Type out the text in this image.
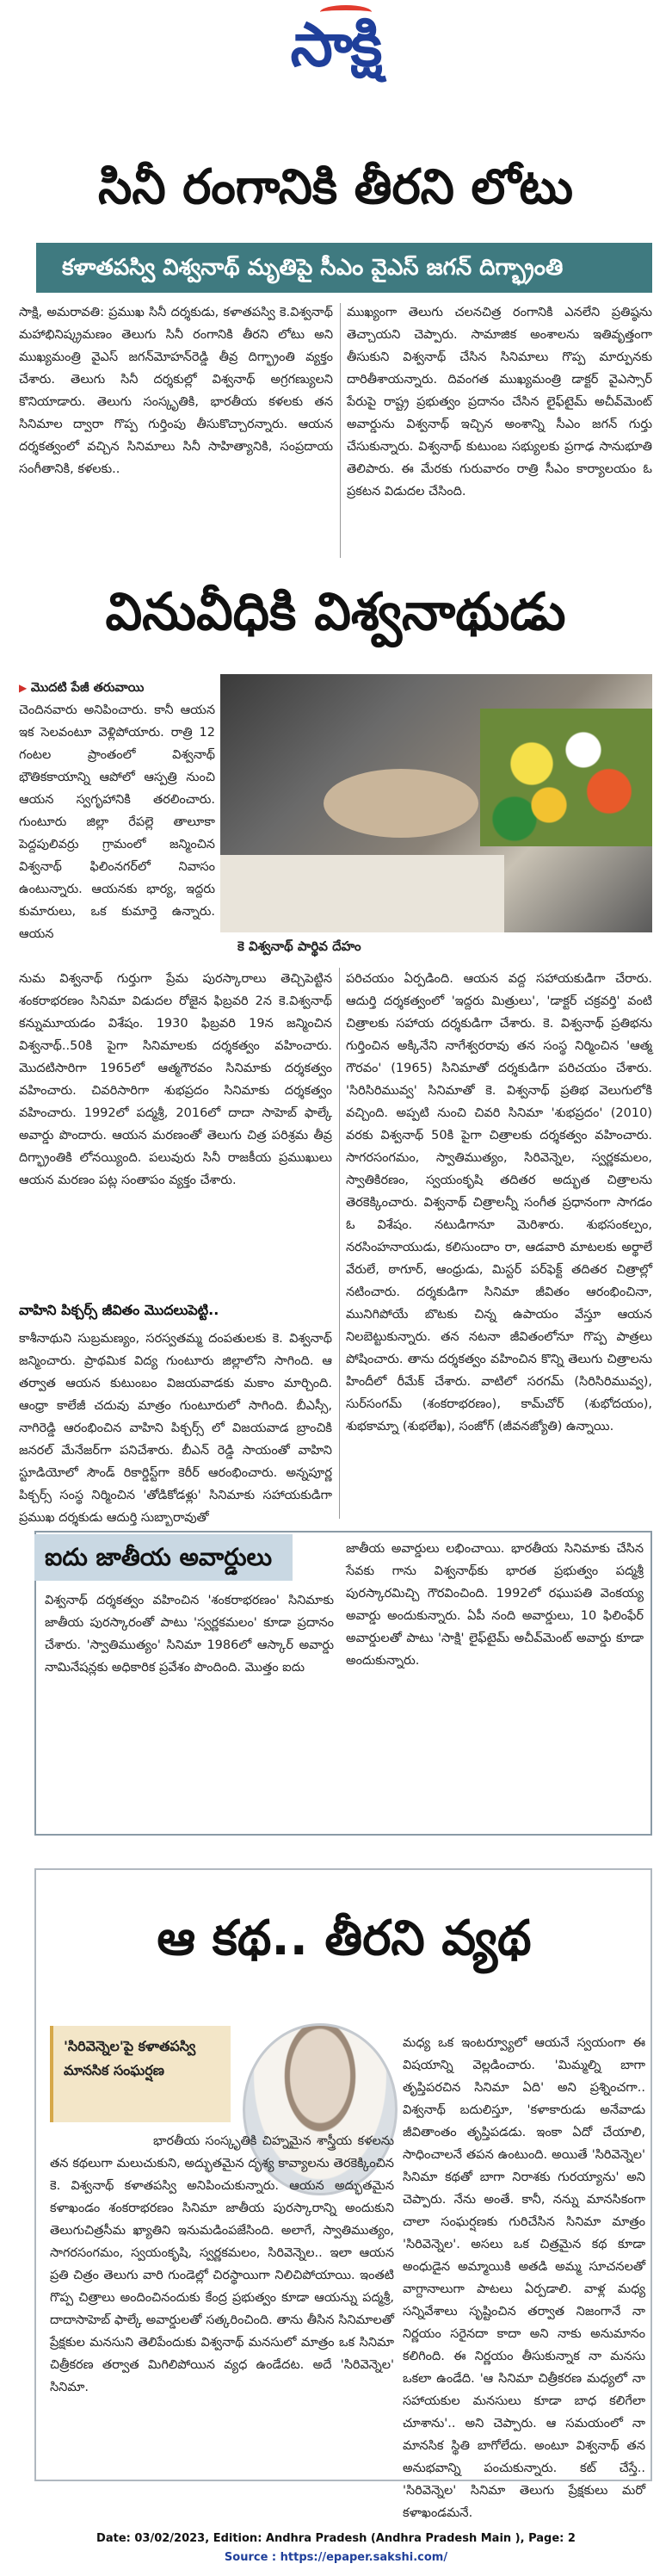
సాక్షి
సినీ రంగానికి తీరని లోటు
కళాతపస్వి విశ్వనాథ్ మృతిపై సీఎం వైఎస్ జగన్ దిగ్భ్రాంతి
సాక్షి, అమరావతి: ప్రముఖ సినీ దర్శకుడు, కళాతపస్వి కె.విశ్వనాథ్ మహాభినిష్క్రమణం తెలుగు సినీ రంగానికి తీరని లోటు అని ముఖ్యమంత్రి వైఎస్ జగన్‌మోహన్‌రెడ్డి తీవ్ర దిగ్భ్రాంతి వ్యక్తం చేశారు. తెలుగు సినీ దర్శకుల్లో విశ్వనాథ్ అగ్రగణ్యులని కొనియాడారు. తెలుగు సంస్కృతికి, భారతీయ కళలకు తన సినిమాల ద్వారా గొప్ప గుర్తింపు తీసుకొచ్చారన్నారు. ఆయన దర్శకత్వంలో వచ్చిన సినిమాలు సినీ సాహిత్యానికి, సంప్రదాయ సంగీతానికి, కళలకు..
ముఖ్యంగా తెలుగు చలనచిత్ర రంగానికి ఎనలేని ప్రతిష్ఠను తెచ్చాయని చెప్పారు. సామాజిక అంశాలను ఇతివృత్తంగా తీసుకుని విశ్వనాథ్ చేసిన సినిమాలు గొప్ప మార్పునకు దారితీశాయన్నారు. దివంగత ముఖ్యమంత్రి డాక్టర్ వైఎస్సార్ పేరుపై రాష్ట్ర ప్రభుత్వం ప్రదానం చేసిన లైఫ్‌టైమ్ అచీవ్‌మెంట్ అవార్డును విశ్వనాథ్ ఇచ్చిన అంశాన్ని సీఎం జగన్ గుర్తు చేసుకున్నారు. విశ్వనాథ్ కుటుంబ సభ్యులకు ప్రగాఢ సానుభూతి తెలిపారు. ఈ మేరకు గురువారం రాత్రి సీఎం కార్యాలయం ఓ ప్రకటన విడుదల చేసింది.
వినువీధికి విశ్వనాథుడు
▶ మొదటి పేజీ తరువాయి
చెందినవారు అనిపించారు. కానీ ఆయన ఇక సెలవంటూ వెళ్లిపోయారు. రాత్రి 12 గంటల ప్రాంతంలో విశ్వనాథ్ భౌతికకాయాన్ని ఆపోలో ఆస్పత్రి నుంచి ఆయన స్వగృహానికి తరలించారు. గుంటూరు జిల్లా రేపల్లె తాలూకా పెద్దపులివర్రు గ్రామంలో జన్మించిన విశ్వనాథ్ ఫిలింనగర్‌లో నివాసం ఉంటున్నారు. ఆయనకు భార్య, ఇద్దరు కుమారులు, ఒక కుమార్తె ఉన్నారు. ఆయన
కె విశ్వనాథ్ పార్థివ దేహం
నుమ విశ్వనాథ్ గుర్తుగా ప్రేమ పురస్కారాలు తెచ్చిపెట్టిన శంకరాభరణం సినిమా విడుదల రోజైన ఫిబ్రవరి 2న కె.విశ్వనాథ్ కన్నుమూయడం విశేషం. 1930 ఫిబ్రవరి 19న జన్మించిన విశ్వనాథ్..50కి పైగా సినిమాలకు దర్శకత్వం వహించారు. మొదటిసారిగా 1965లో ఆత్మగౌరవం సినిమాకు దర్శకత్వం వహించారు. చివరిసారిగా శుభప్రదం సినిమాకు దర్శకత్వం వహించారు. 1992లో పద్మశ్రీ, 2016లో దాదా సాహెబ్ ఫాల్కే అవార్డు పొందారు. ఆయన మరణంతో తెలుగు చిత్ర పరిశ్రమ తీవ్ర దిగ్భ్రాంతికి లోనయ్యింది. పలువురు సినీ రాజకీయ ప్రముఖులు ఆయన మరణం పట్ల సంతాపం వ్యక్తం చేశారు.
వాహిని పిక్చర్స్ జీవితం మొదలుపెట్టి..
కాశీనాథుని సుబ్రమణ్యం, సరస్వతమ్మ దంపతులకు కె. విశ్వనాథ్ జన్మించారు. ప్రాథమిక విద్య గుంటూరు జిల్లాలోని సాగింది. ఆ తర్వాత ఆయన కుటుంబం విజయవాడకు మకాం మార్చింది. ఆంధ్రా కాలేజీ చదువు మాత్రం గుంటూరులో సాగింది. బీఎస్సీ, నాగిరెడ్డి ఆరంభించిన వాహిని పిక్చర్స్ లో విజయవాడ బ్రాంచికి జనరల్ మేనేజర్‌గా పనిచేశారు. బీఎన్ రెడ్డి సాయంతో వాహిని స్టూడియోలో సౌండ్ రికార్డిస్ట్‌గా కెరీర్ ఆరంభించారు. అన్నపూర్ణ పిక్చర్స్ సంస్థ నిర్మించిన 'తోడికోడళ్లు' సినిమాకు సహాయకుడిగా ప్రముఖ దర్శకుడు ఆదుర్తి సుబ్బారావుతో
పరిచయం ఏర్పడింది. ఆయన వద్ద సహాయకుడిగా చేరారు. ఆదుర్తి దర్శకత్వంలో 'ఇద్దరు మిత్రులు', 'డాక్టర్ చక్రవర్తి' వంటి చిత్రాలకు సహాయ దర్శకుడిగా చేశారు. కె. విశ్వనాథ్ ప్రతిభను గుర్తించిన అక్కినేని నాగేశ్వరరావు తన సంస్థ నిర్మించిన 'ఆత్మ గౌరవం' (1965) సినిమాతో దర్శకుడిగా పరిచయం చేశారు. 'సిరిసిరిమువ్వ' సినిమాతో కె. విశ్వనాథ్ ప్రతిభ వెలుగులోకి వచ్చింది. అప్పటి నుంచి చివరి సినిమా 'శుభప్రదం' (2010) వరకు విశ్వనాథ్ 50కి పైగా చిత్రాలకు దర్శకత్వం వహించారు. సాగరసంగమం, స్వాతిముత్యం, సిరివెన్నెల, స్వర్ణకమలం, స్వాతికిరణం, స్వయంకృషి తదితర అద్భుత చిత్రాలను తెరకెక్కించారు. విశ్వనాథ్ చిత్రాలన్నీ సంగీత ప్రధానంగా సాగడం ఓ విశేషం. నటుడిగానూ మెరిశారు. శుభసంకల్పం, నరసింహనాయుడు, కలిసుందాం రా, ఆడవారి మాటలకు అర్థాలే వేరులే, ఠాగూర్, ఆంధ్రుడు, మిస్టర్ పర్‌ఫెక్ట్ తదితర చిత్రాల్లో నటించారు. దర్శకుడిగా సినిమా జీవితం ఆరంభించినా, మునిగిపోయే బొటకు చిన్న ఉపాయం వేస్తూ ఆయన నిలబెట్టుకున్నారు. తన నటనా జీవితంలోనూ గొప్ప పాత్రలు పోషించారు. తాను దర్శకత్వం వహించిన కొన్ని తెలుగు చిత్రాలను హిందీలో రీమేక్ చేశారు. వాటిలో సరగమ్ (సిరిసిరిమువ్వ), సుర్‌సంగమ్ (శంకరాభరణం), కామ్‌చోర్ (శుభోదయం), శుభకామ్నా (శుభలేఖ), సంజోగ్ (జీవనజ్యోతి) ఉన్నాయి.
ఐదు జాతీయ అవార్డులు
విశ్వనాథ్ దర్శకత్వం వహించిన 'శంకరాభరణం' సినిమాకు జాతీయ పురస్కారంతో పాటు 'స్వర్ణకమలం' కూడా ప్రదానం చేశారు. 'స్వాతిముత్యం' సినిమా 1986లో ఆస్కార్ అవార్డు నామినేషన్లకు అధికారిక ప్రవేశం పొందింది. మొత్తం ఐదు
జాతీయ అవార్డులు లభించాయి. భారతీయ సినిమాకు చేసిన సేవకు గాను విశ్వనాథ్‌కు భారత ప్రభుత్వం పద్మశ్రీ పురస్కారమిచ్చి గౌరవించింది. 1992లో రఘుపతి వెంకయ్య అవార్డు అందుకున్నారు. ఏపీ నంది అవార్డులు, 10 ఫిలింఫేర్ అవార్డులతో పాటు 'సాక్షి' లైఫ్‌టైమ్ అచీవ్‌మెంట్ అవార్డు కూడా అందుకున్నారు.
ఆ కథ.. తీరని వ్యథ
'సిరివెన్నెల'పై కళాతపస్వి మానసిక సంఘర్షణ
భారతీయ సంస్కృతికి చిహ్నమైన శాస్త్రీయ కళలను తన కథలుగా మలుచుకుని, అద్భుతమైన దృశ్య కావ్యాలను తెరకెక్కించిన కె. విశ్వనాథ్ కళాతపస్వి అనిపించుకున్నారు. ఆయన అద్భుతమైన కళాఖండం శంకరాభరణం సినిమా జాతీయ పురస్కారాన్ని అందుకుని తెలుగుచిత్రసీమ ఖ్యాతిని ఇనుమడింపజేసింది. అలాగే, స్వాతిముత్యం, సాగరసంగమం, స్వయంకృషి, స్వర్ణకమలం, సిరివెన్నెల.. ఇలా ఆయన ప్రతి చిత్రం తెలుగు వారి గుండెల్లో చిరస్థాయిగా నిలిచిపోయాయి. ఇంతటి గొప్ప చిత్రాలు అందించినందుకు కేంద్ర ప్రభుత్వం కూడా ఆయన్ను పద్మశ్రీ, దాదాసాహెబ్ ఫాల్కే అవార్డులతో సత్కరించింది. తాను తీసిన సినిమాలతో ప్రేక్షకుల మనసుని తెలిపేందుకు విశ్వనాథ్ మనసులో మాత్రం ఒక సినిమా చిత్రీకరణ తర్వాత మిగిలిపోయిన వ్యధ ఉండేదట. అదే 'సిరివెన్నెల' సినిమా.
మధ్య ఒక ఇంటర్వ్యూలో ఆయనే స్వయంగా ఈ విషయాన్ని వెల్లడించారు. 'మిమ్మల్ని బాగా తృప్తిపరచిన సినిమా ఏది' అని ప్రశ్నించగా.. విశ్వనాథ్ బదులిస్తూ, 'కళాకారుడు అనేవాడు జీవితాంతం తృప్తిపడడు. ఇంకా ఏదో చేయాలి, సాధించాలనే తపన ఉంటుంది. అయితే 'సిరివెన్నెల' సినిమా కథతో బాగా నిరాశకు గురయ్యాను' అని చెప్పారు. నేను అంతే. కానీ, నన్ను మానసికంగా చాలా సంఘర్షణకు గురిచేసిన సినిమా మాత్రం 'సిరివెన్నెల'. అసలు ఒక చిత్రమైన కథ కూడా అంధుడైన అమ్మాయికి అతడి అమ్మ సూచనలతో వాగ్దానాలుగా పాటలు ఏర్పడాలి. వాళ్ల మధ్య సన్నివేశాలు సృష్టించిన తర్వాత నిజంగానే నా నిర్ణయం సరైనదా కాదా అని నాకు అనుమానం కలిగింది. ఈ నిర్ణయం తీసుకున్నాక నా మనసు ఒకలా ఉండేది. 'ఆ సినిమా చిత్రీకరణ మధ్యలో నా సహాయకుల మనసులు కూడా బాధ కలిగేలా చూశాను'.. అని చెప్పారు. ఆ సమయంలో నా మానసిక స్థితి బాగోలేదు. అంటూ విశ్వనాథ్ తన అనుభవాన్ని పంచుకున్నారు. కట్ చేస్తే.. 'సిరివెన్నెల' సినిమా తెలుగు ప్రేక్షకులు మరో కళాఖండమనే.
Date: 03/02/2023, Edition: Andhra Pradesh (Andhra Pradesh Main ), Page: 2
Source : https://epaper.sakshi.com/
